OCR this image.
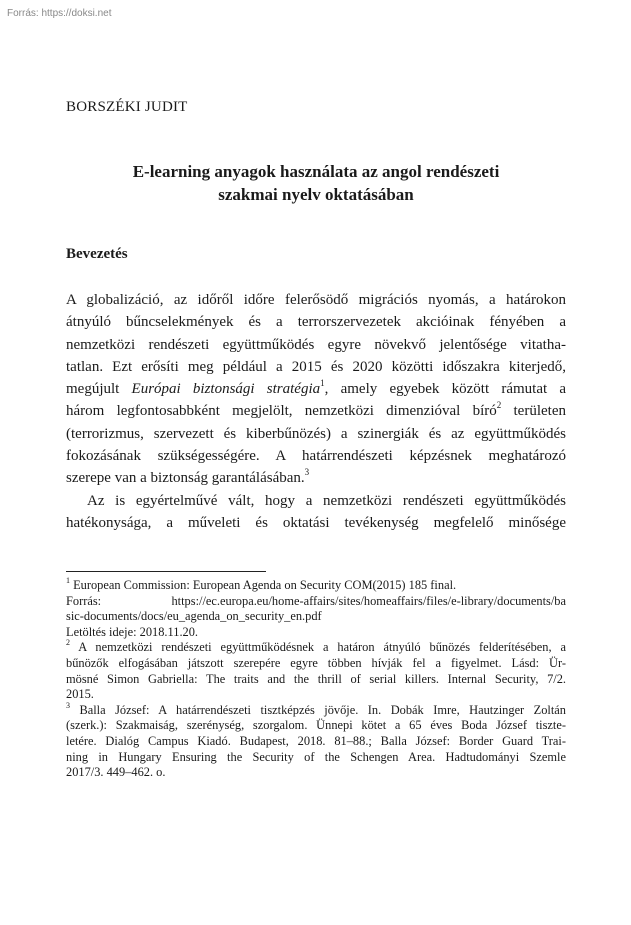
Forrás: https://doksi.net
BORSZÉKI JUDIT
E-learning anyagok használata az angol rendészeti
szakmai nyelv oktatásában
Bevezetés
A globalizáció, az időről időre felerősödő migrációs nyomás, a határokon
átnyúló bűncselekmények és a terrorszervezetek akcióinak fényében a
nemzetközi rendészeti együttműködés egyre növekvő jelentősége vitatha-
tatlan. Ezt erősíti meg például a 2015 és 2020 közötti időszakra kiterjedő,
megújult Európai biztonsági stratégia$^1$, amely egyebek között rámutat a
három legfontosabbként megjelölt, nemzetközi dimenzióval bíró$^2$ területen
(terrorizmus, szervezett és kiberbűnözés) a szinergiák és az együttműködés
fokozásának szükségességére. A határrendészeti képzésnek meghatározó
szerepe van a biztonság garantálásában.$^3$
Az is egyértelművé vált, hogy a nemzetközi rendészeti együttműködés
hatékonysága, a műveleti és oktatási tevékenység megfelelő minősége
$^1$ European Commission: European Agenda on Security COM(2015) 185 final.
Forrás: https://ec.europa.eu/home-affairs/sites/homeaffairs/files/e-library/documents/ba
sic-documents/docs/eu_agenda_on_security_en.pdf
Letöltés ideje: 2018.11.20.
$^2$ A nemzetközi rendészeti együttműködésnek a határon átnyúló bűnözés felderítésében, a
bűnözők elfogásában játszott szerepére egyre többen hívják fel a figyelmet. Lásd: Ür-
mösné Simon Gabriella: The traits and the thrill of serial killers. Internal Security, 7/2.
2015.
$^3$ Balla József: A határrendészeti tisztképzés jövője. In. Dobák Imre, Hautzinger Zoltán
(szerk.): Szakmaiság, szerénység, szorgalom. Ünnepi kötet a 65 éves Boda József tiszte-
letére. Dialóg Campus Kiadó. Budapest, 2018. 81–88.; Balla József: Border Guard Trai-
ning in Hungary Ensuring the Security of the Schengen Area. Hadtudományi Szemle
2017/3. 449–462. o.
